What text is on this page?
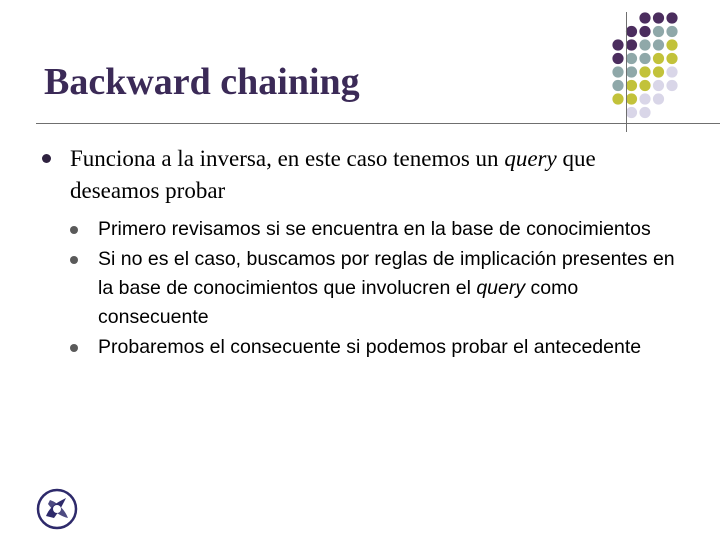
Backward chaining
Funciona a la inversa, en este caso tenemos un query que deseamos probar
Primero revisamos si se encuentra en la base de conocimientos
Si no es el caso, buscamos por reglas de implicación presentes en la base de conocimientos que involucren el query como consecuente
Probaremos el consecuente si podemos probar el antecedente
